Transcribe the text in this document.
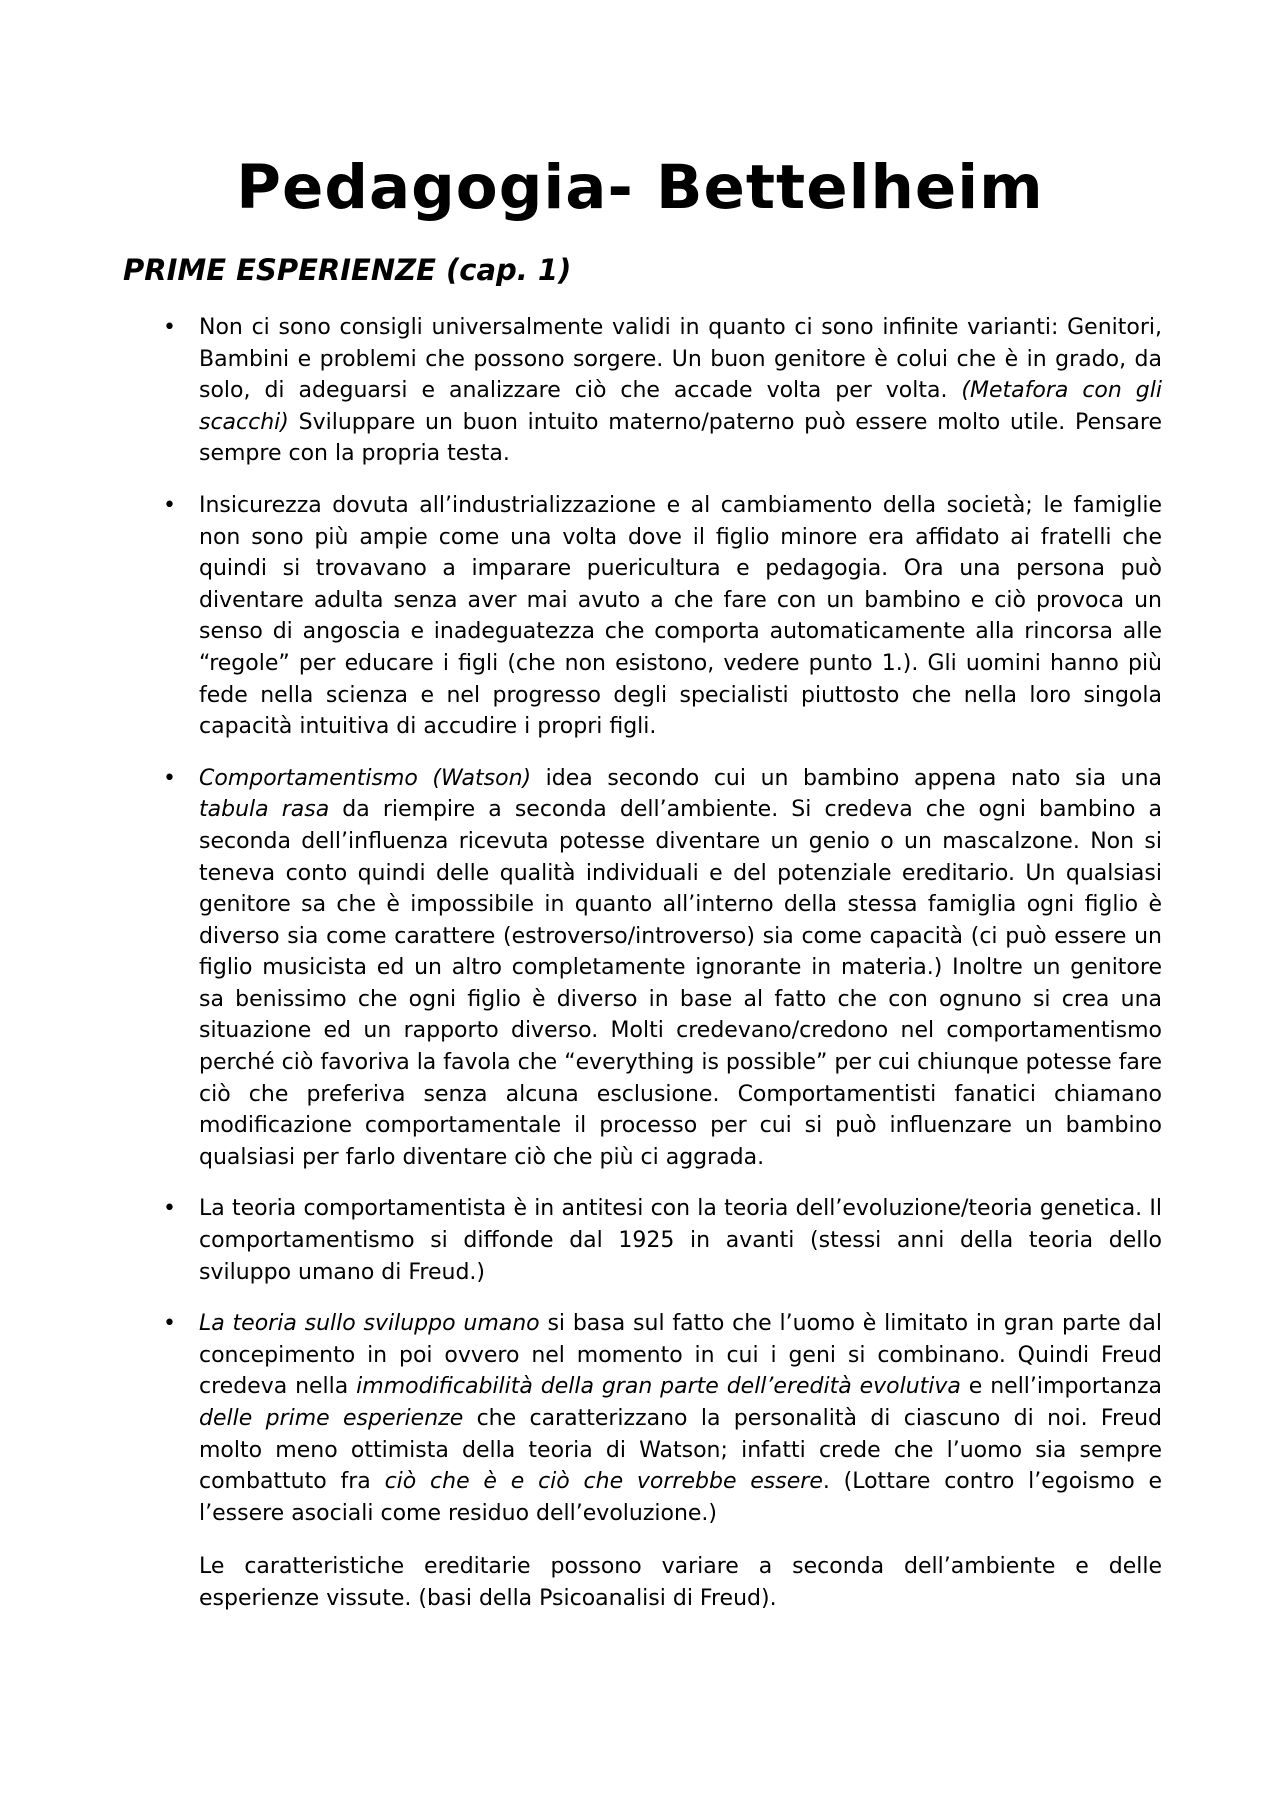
Pedagogia- Bettelheim
PRIME ESPERIENZE (cap. 1)
• Non ci sono consigli universalmente validi in quanto ci sono infinite varianti: Genitori, Bambini e problemi che possono sorgere. Un buon genitore è colui che è in grado, da solo, di adeguarsi e analizzare ciò che accade volta per volta. (Metafora con gli scacchi) Sviluppare un buon intuito materno/paterno può essere molto utile. Pensare sempre con la propria testa.

• Insicurezza dovuta all’industrializzazione e al cambiamento della società; le famiglie non sono più ampie come una volta dove il figlio minore era affidato ai fratelli che quindi si trovavano a imparare puericultura e pedagogia. Ora una persona può diventare adulta senza aver mai avuto a che fare con un bambino e ciò provoca un senso di angoscia e inadeguatezza che comporta automaticamente alla rincorsa alle “regole” per educare i figli (che non esistono, vedere punto 1.). Gli uomini hanno più fede nella scienza e nel progresso degli specialisti piuttosto che nella loro singola capacità intuitiva di accudire i propri figli.

• Comportamentismo (Watson) idea secondo cui un bambino appena nato sia una tabula rasa da riempire a seconda dell’ambiente. Si credeva che ogni bambino a seconda dell’influenza ricevuta potesse diventare un genio o un mascalzone. Non si teneva conto quindi delle qualità individuali e del potenziale ereditario. Un qualsiasi genitore sa che è impossibile in quanto all’interno della stessa famiglia ogni figlio è diverso sia come carattere (estroverso/introverso) sia come capacità (ci può essere un figlio musicista ed un altro completamente ignorante in materia.) Inoltre un genitore sa benissimo che ogni figlio è diverso in base al fatto che con ognuno si crea una situazione ed un rapporto diverso. Molti credevano/credono nel comportamentismo perché ciò favoriva la favola che “everything is possible” per cui chiunque potesse fare ciò che preferiva senza alcuna esclusione. Comportamentisti fanatici chiamano modificazione comportamentale il processo per cui si può influenzare un bambino qualsiasi per farlo diventare ciò che più ci aggrada.

• La teoria comportamentista è in antitesi con la teoria dell’evoluzione/teoria genetica. Il comportamentismo si diffonde dal 1925 in avanti (stessi anni della teoria dello sviluppo umano di Freud.)

• La teoria sullo sviluppo umano si basa sul fatto che l’uomo è limitato in gran parte dal concepimento in poi ovvero nel momento in cui i geni si combinano. Quindi Freud credeva nella immodificabilità della gran parte dell’eredità evolutiva e nell’importanza delle prime esperienze che caratterizzano la personalità di ciascuno di noi. Freud molto meno ottimista della teoria di Watson; infatti crede che l’uomo sia sempre combattuto fra ciò che è e ciò che vorrebbe essere. (Lottare contro l’egoismo e l’essere asociali come residuo dell’evoluzione.)

Le caratteristiche ereditarie possono variare a seconda dell’ambiente e delle esperienze vissute. (basi della Psicoanalisi di Freud).
